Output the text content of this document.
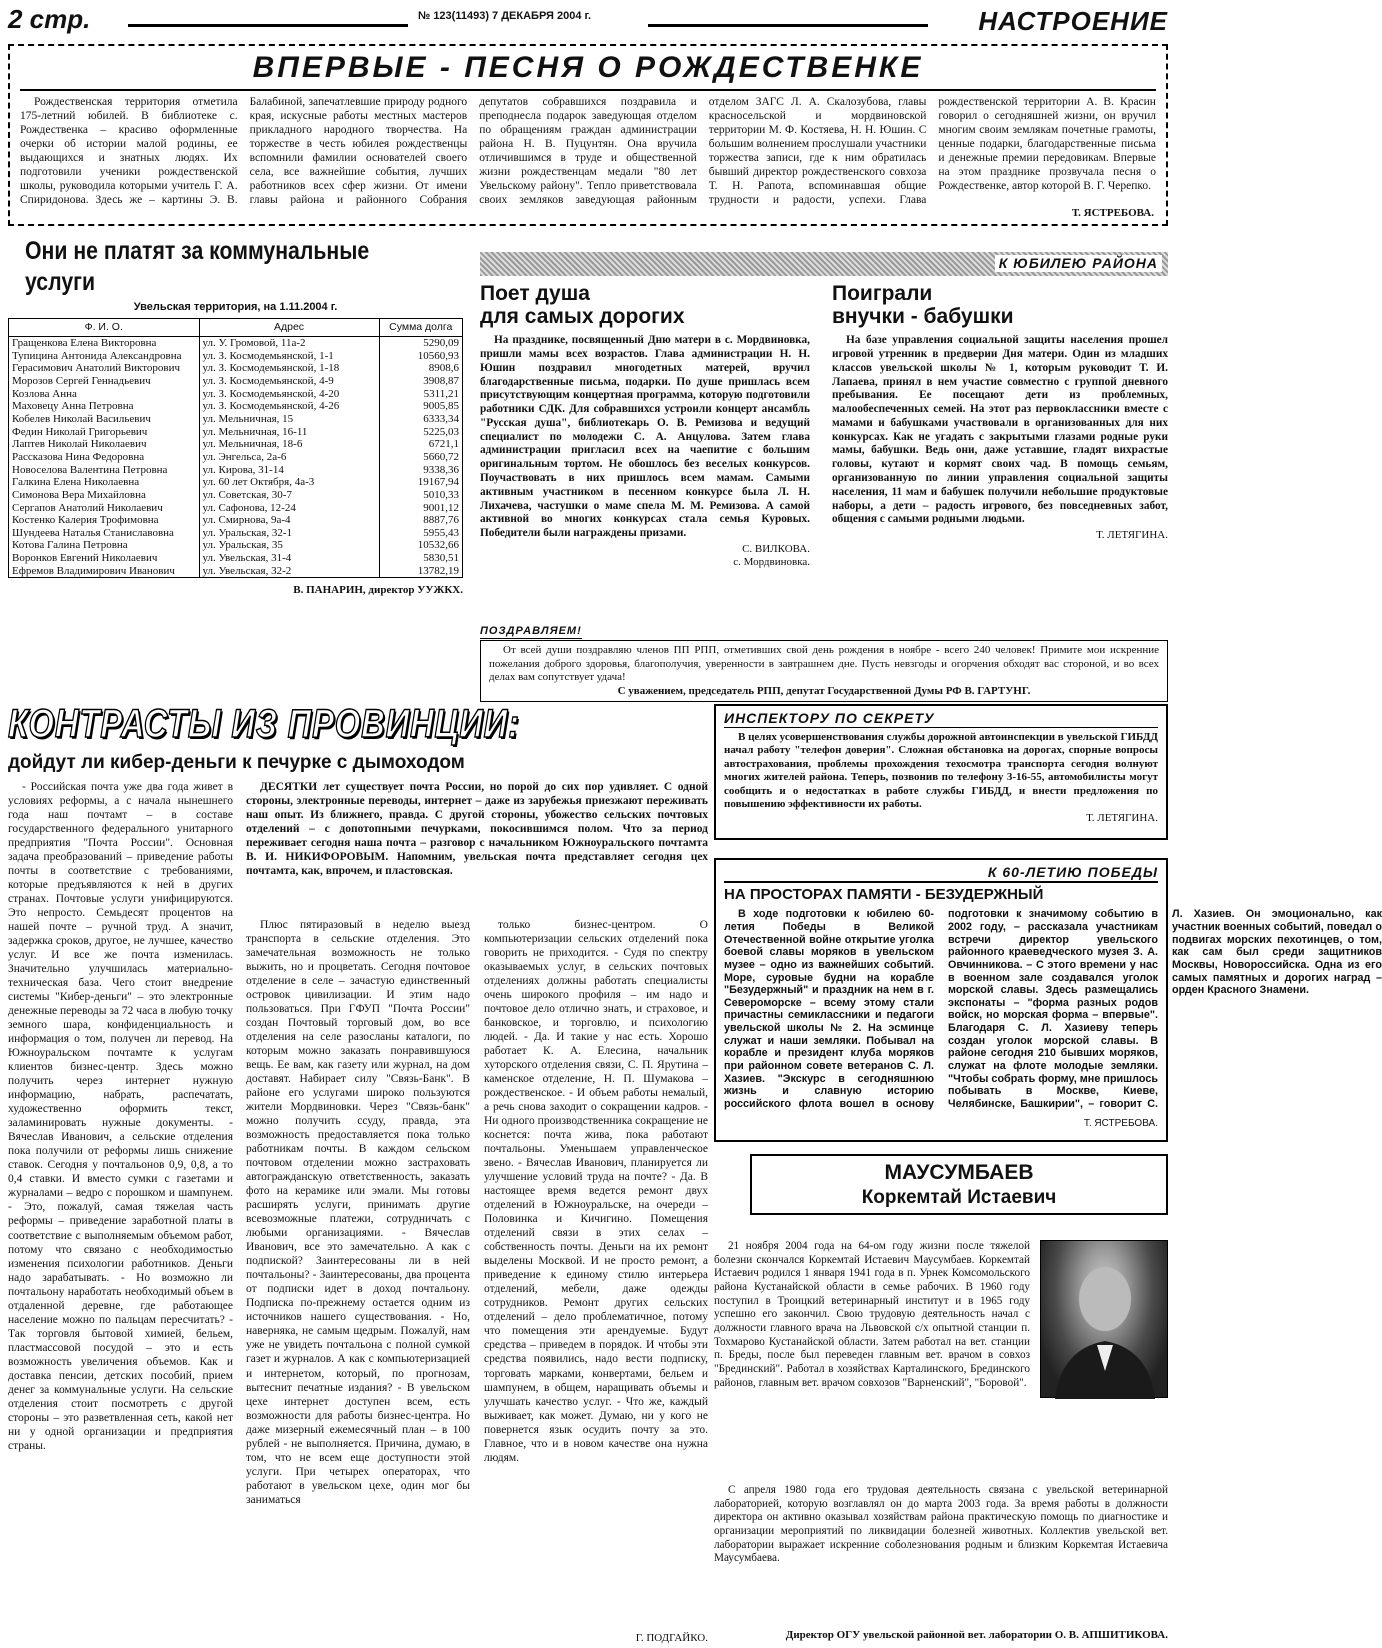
2 стр.	№ 123(11493) 7 ДЕКАБРЯ 2004 г.	НАСТРОЕНИЕ
ВПЕРВЫЕ - ПЕСНЯ О РОЖДЕСТВЕНКЕ
Рождественская территория отметила 175-летний юбилей. В библиотеке с. Рождественка – красиво оформленные очерки об истории малой родины, ее выдающихся и знатных людях. Их подготовили ученики рождественской школы, руководила которыми учитель Г. А. Спиридонова. Здесь же – картины Э. В. Балабиной, запечатлевшие природу родного края, искусные работы местных мастеров прикладного народного творчества. На торжестве в честь юбилея рождественцы вспомнили фамилии основателей своего села, все важнейшие события, лучших работников всех сфер жизни. От имени главы района и районного Собрания депутатов собравшихся поздравила и преподнесла подарок заведующая отделом по обращениям граждан администрации района Н. В. Пуцунтян. Она вручила отличившимся в труде и общественной жизни рождественцам медали "80 лет Увельскому району". Тепло приветствовала своих земляков заведующая районным отделом ЗАГС Л. А. Скалозубова, главы красносельской и мордвиновской территории М. Ф. Костяева, Н. Н. Юшин. С большим волнением прослушали участники торжества записи, где к ним обратилась бывший директор рождественского совхоза Т. Н. Рапота, вспоминавшая общие трудности и радости, успехи. Глава рождественской территории А. В. Красин говорил о сегодняшней жизни, он вручил многим своим землякам почетные грамоты, ценные подарки, благодарственные письма и денежные премии передовикам. Впервые на этом празднике прозвучала песня о Рождественке, автор которой В. Г. Черепко.
Т. ЯСТРЕБОВА.
Они не платят за коммунальные услуги
Увельская территория, на 1.11.2004 г.
Ф. И. О.	Адрес	Сумма долга
Гращенкова Елена Викторовна	ул. У. Громовой, 11а-2	5290,09
Тупицина Антонида Александровна	ул. З. Космодемьянской, 1-1	10560,93
Герасимович Анатолий Викторович	ул. З. Космодемьянской, 1-18	8908,6
Морозов Сергей Геннадьевич	ул. З. Космодемьянской, 4-9	3908,87
Козлова Анна	ул. З. Космодемьянской, 4-20	5311,21
Маховецу Анна Петровна	ул. З. Космодемьянской, 4-26	9005,85
Кобелев Николай Васильевич	ул. Мельничная, 15	6333,34
Федин Николай Григорьевич	ул. Мельничная, 16-11	5225,03
Лаптев Николай Николаевич	ул. Мельничная, 18-6	6721,1
Рассказова Нина Федоровна	ул. Энгельса, 2а-6	5660,72
Новоселова Валентина Петровна	ул. Кирова, 31-14	9338,36
Галкина Елена Николаевна	ул. 60 лет Октября, 4а-3	19167,94
Симонова Вера Михайловна	ул. Советская, 30-7	5010,33
Сергапов Анатолий Николаевич	ул. Сафонова, 12-24	9001,12
Костенко Калерия Трофимовна	ул. Смирнова, 9а-4	8887,76
Шундеева Наталья Станиславовна	ул. Уральская, 32-1	5955,43
Котова Галина Петровна	ул. Уральская, 35	10532,66
Воронков Евгений Николаевич	ул. Увельская, 31-4	5830,51
Ефремов Владимирович Иванович	ул. Увельская, 32-2	13782,19
В. ПАНАРИН, директор УУЖКХ.
К ЮБИЛЕЮ РАЙОНА
Поет душа
для самых дорогих
На празднике, посвященный Дню матери в с. Мордвиновка, пришли мамы всех возрастов. Глава администрации Н. Н. Юшин поздравил многодетных матерей, вручил благодарственные письма, подарки. По душе пришлась всем присутствующим концертная программа, которую подготовили работники СДК. Для собравшихся устроили концерт ансамбль "Русская душа", библиотекарь О. В. Ремизова и ведущий специалист по молодежи С. А. Анцулова. Затем глава администрации пригласил всех на чаепитие с большим оригинальным тортом. Не обошлось без веселых конкурсов. Поучаствовать в них пришлось всем мамам. Самыми активным участником в песенном конкурсе была Л. Н. Лихачева, частушки о маме спела М. М. Ремизова. А самой активной во многих конкурсах стала семья Куровых. Победители были награждены призами.
С. ВИЛКОВА.
с. Мордвиновка.
Поиграли
внучки - бабушки
На базе управления социальной защиты населения прошел игровой утренник в предверии Дня матери. Один из младших классов увельской школы № 1, которым руководит Т. И. Лапаева, принял в нем участие совместно с группой дневного пребывания. Ее посещают дети из проблемных, малообеспеченных семей. На этот раз первоклассники вместе с мамами и бабушками участвовали в организованных для них конкурсах. Как не угадать с закрытыми глазами родные руки мамы, бабушки. Ведь они, даже уставшие, гладят вихрастые головы, кутают и кормят своих чад. В помощь семьям, организованную по линии управления социальной защиты населения, 11 мам и бабушек получили небольшие продуктовые наборы, а дети – радость игрового, без повседневных забот, общения с самыми родными людьми.
Т. ЛЕТЯГИНА.
ПОЗДРАВЛЯЕМ!
От всей души поздравляю членов ПП РПП, отметивших свой день рождения в ноябре - всего 240 человек! Примите мои искренние пожелания доброго здоровья, благополучия, уверенности в завтрашнем дне. Пусть невзгоды и огорчения обходят вас стороной, и во всех делах вам сопутствует удача!
С уважением, председатель РПП, депутат Государственной Думы РФ В. ГАРТУНГ.
КОНТРАСТЫ ИЗ ПРОВИНЦИИ:
дойдут ли кибер-деньги к печурке с дымоходом
- Российская почта уже два года живет в условиях реформы, а с начала нынешнего года наш почтамт – в составе государственного федерального унитарного предприятия "Почта России". Основная задача преобразований – приведение работы почты в соответствие с требованиями, которые предъявляются к ней в других странах. Почтовые услуги унифицируются. Это непросто. Семьдесят процентов на нашей почте – ручной труд. А значит, задержка сроков, другое, не лучшее, качество услуг. И все же почта изменилась. Значительно улучшилась материально-техническая база. Чего стоит внедрение системы "Кибер-деньги" – это электронные денежные переводы за 72 часа в любую точку земного шара, конфиденциальность и информация о том, получен ли перевод. На Южноуральском почтамте к услугам клиентов бизнес-центр. Здесь можно получить через интернет нужную информацию, набрать, распечатать, художественно оформить текст, заламинировать нужные документы. - Вячеслав Иванович, а сельские отделения пока получили от реформы лишь снижение ставок. Сегодня у почтальонов 0,9, 0,8, а то 0,4 ставки. И вместо сумки с газетами и журналами – ведро с порошком и шампунем. - Это, пожалуй, самая тяжелая часть реформы – приведение заработной платы в соответствие с выполняемым объемом работ, потому что связано с необходимостью изменения психологии работников. Деньги надо зарабатывать. - Но возможно ли почтальону наработать необходимый объем в отдаленной деревне, где работающее население можно по пальцам пересчитать? - Так торговля бытовой химией, бельем, пластмассовой посудой – это и есть возможность увеличения объемов. Как и доставка пенсии, детских пособий, прием денег за коммунальные услуги. На сельские отделения стоит посмотреть с другой стороны – это разветвленная сеть, какой нет ни у одной организации и предприятия страны.
ДЕСЯТКИ лет существует почта России, но порой до сих пор удивляет. С одной стороны, электронные переводы, интернет – даже из зарубежья приезжают переживать наш опыт. Из ближнего, правда. С другой стороны, убожество сельских почтовых отделений – с допотопными печурками, покосившимся полом. Что за период переживает сегодня наша почта – разговор с начальником Южноуральского почтамта В. И. НИКИФОРОВЫМ. Напомним, увельская почта представляет сегодня цех почтамта, как, впрочем, и пластовская.
Плюс пятиразовый в неделю выезд транспорта в сельские отделения. Это замечательная возможность не только выжить, но и процветать. Сегодня почтовое отделение в селе – зачастую единственный островок цивилизации. И этим надо пользоваться. При ГФУП "Почта России" создан Почтовый торговый дом, во все отделения на селе разосланы каталоги, по которым можно заказать понравившуюся вещь. Ее вам, как газету или журнал, на дом доставят. Набирает силу "Связь-Банк". В районе его услугами широко пользуются жители Мордвиновки. Через "Связь-банк" можно получить ссуду, правда, эта возможность предоставляется пока только работникам почты. В каждом сельском почтовом отделении можно застраховать автогражданскую ответственность, заказать фото на керамике или эмали. Мы готовы расширять услуги, принимать другие всевозможные платежи, сотрудничать с любыми организациями. - Вячеслав Иванович, все это замечательно. А как с подпиской? Заинтересованы ли в ней почтальоны? - Заинтересованы, два процента от подписки идет в доход почтальону. Подписка по-прежнему остается одним из источников нашего существования. - Но, наверняка, не самым щедрым. Пожалуй, нам уже не увидеть почтальона с полной сумкой газет и журналов. А как с компьютеризацией и интернетом, который, по прогнозам, вытеснит печатные издания? - В увельском цехе интернет доступен всем, есть возможности для работы бизнес-центра. Но даже мизерный ежемесячный план – в 100 рублей - не выполняется. Причина, думаю, в том, что не всем еще доступности этой услуги. При четырех операторах, что работают в увельском цехе, один мог бы заниматься
только бизнес-центром. О компьютеризации сельских отделений пока говорить не приходится. - Судя по спектру оказываемых услуг, в сельских почтовых отделениях должны работать специалисты очень широкого профиля – им надо и почтовое дело отлично знать, и страховое, и банковское, и торговлю, и психологию людей. - Да. И такие у нас есть. Хорошо работает К. А. Елесина, начальник хуторского отделения связи, С. П. Ярутина – каменское отделение, Н. П. Шумакова – рождественское. - И объем работы немалый, а речь снова заходит о сокращении кадров. - Ни одного производственника сокращение не коснется: почта жива, пока работают почтальоны. Уменьшаем управленческое звено. - Вячеслав Иванович, планируется ли улучшение условий труда на почте? - Да. В настоящее время ведется ремонт двух отделений в Южноуральске, на очереди – Половинка и Кичигино. Помещения отделений связи в этих селах – собственность почты. Деньги на их ремонт выделены Москвой. И не просто ремонт, а приведение к единому стилю интерьера отделений, мебели, даже одежды сотрудников. Ремонт других сельских отделений – дело проблематичное, потому что помещения эти арендуемые. Будут средства – приведем в порядок. И чтобы эти средства появились, надо вести подписку, торговать марками, конвертами, бельем и шампунем, в общем, наращивать объемы и улучшать качество услуг. - Что же, каждый выживает, как может. Думаю, ни у кого не повернется язык осудить почту за это. Главное, что и в новом качестве она нужна людям.
Г. ПОДГАЙКО.
ИНСПЕКТОРУ ПО СЕКРЕТУ
В целях усовершенствования службы дорожной автоинспекции в увельской ГИБДД начал работу "телефон доверия". Сложная обстановка на дорогах, спорные вопросы автострахования, проблемы прохождения техосмотра транспорта сегодня волнуют многих жителей района. Теперь, позвонив по телефону 3-16-55, автомобилисты могут сообщить и о недостатках в работе службы ГИБДД, и внести предложения по повышению эффективности их работы.
Т. ЛЕТЯГИНА.
К 60-ЛЕТИЮ ПОБЕДЫ
НА ПРОСТОРАХ ПАМЯТИ - БЕЗУДЕРЖНЫЙ
В ходе подготовки к юбилею 60-летия Победы в Великой Отечественной войне открытие уголка боевой славы моряков в увельском музее – одно из важнейших событий. Море, суровые будни на корабле "Безудержный" и праздник на нем в г. Североморске – всему этому стали причастны семиклассники и педагоги увельской школы № 2. На эсминце служат и наши земляки. Побывал на корабле и президент клуба моряков при районном совете ветеранов С. Л. Хазиев. "Экскурс в сегодняшнюю жизнь и славную историю российского флота вошел в основу подготовки к значимому событию в 2002 году, – рассказала участникам встречи директор увельского районного краеведческого музея З. А. Овчинникова. – С этого времени у нас в военном зале создавался уголок морской славы. Здесь размещались экспонаты – "форма разных родов войск, но морская форма – впервые". Благодаря С. Л. Хазиеву теперь создан уголок морской славы. В районе сегодня 210 бывших моряков, служат на флоте молодые земляки. "Чтобы собрать форму, мне пришлось побывать в Москве, Киеве, Челябинске, Башкирии", – говорит С. Л. Хазиев. Он эмоционально, как участник военных событий, поведал о подвигах морских пехотинцев, о том, как сам был среди защитников Москвы, Новороссийска. Одна из его самых памятных и дорогих наград – орден Красного Знамени.
Т. ЯСТРЕБОВА.
МАУСУМБАЕВ
Коркемтай Истаевич
21 ноября 2004 года на 64-ом году жизни после тяжелой болезни скончался Коркемтай Истаевич Маусумбаев. Коркемтай Истаевич родился 1 января 1941 года в п. Урнек Комсомольского района Кустанайской области в семье рабочих. В 1960 году поступил в Троицкий ветеринарный институт и в 1965 году успешно его закончил. Свою трудовую деятельность начал с должности главного врача на Львовской с/х опытной станции п. Тохмарово Кустанайской области. Затем работал на вет. станции п. Бреды, после был переведен главным вет. врачом в совхоз "Брединский". Работал в хозяйствах Карталинского, Брединского районов, главным вет. врачом совхозов "Варненский", "Боровой".
С апреля 1980 года его трудовая деятельность связана с увельской ветеринарной лабораторией, которую возглавлял он до марта 2003 года. За время работы в должности директора он активно оказывал хозяйствам района практическую помощь по диагностике и организации мероприятий по ликвидации болезней животных. Коллектив увельской вет. лаборатории выражает искренние соболезнования родным и близким Коркемтая Истаевича Маусумбаева.
Директор ОГУ увельской районной вет. лаборатории О. В. АПШИТИКОВА.
